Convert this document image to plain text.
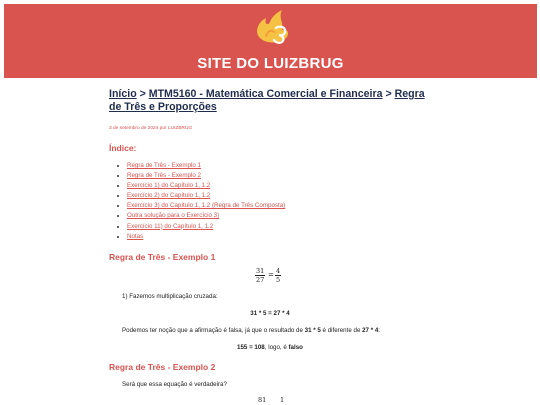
SITE DO LUIZBRUG
Início > MTM5160 - Matemática Comercial e Financeira > Regra de Três e Proporções
3 de setembro de 2024 por LUIZBRUG
Índice:
• Regra de Três - Exemplo 1
• Regra de Três - Exemplo 2
• Exercício 1) do Capítulo 1, 1.2
• Exercício 2) do Capítulo 1, 1.2
• Exercício 3) do Capítulo 1, 1.2 (Regra de Três Composta)
• Outra solução para o Exercício 3)
• Exercício 11) do Capítulo 1, 1.2
• Notas
Regra de Três - Exemplo 1
$\frac{31}{27} = \frac{4}{5}$
1) Fazemos multiplicação cruzada:
31 * 5 = 27 * 4
Podemos ter noção que a afirmação é falsa, já que o resultado de 31 * 5 é diferente de 27 * 4:
155 = 108, logo, é falso
Regra de Três - Exemplo 2
Será que essa equação é verdadeira?
81 1
